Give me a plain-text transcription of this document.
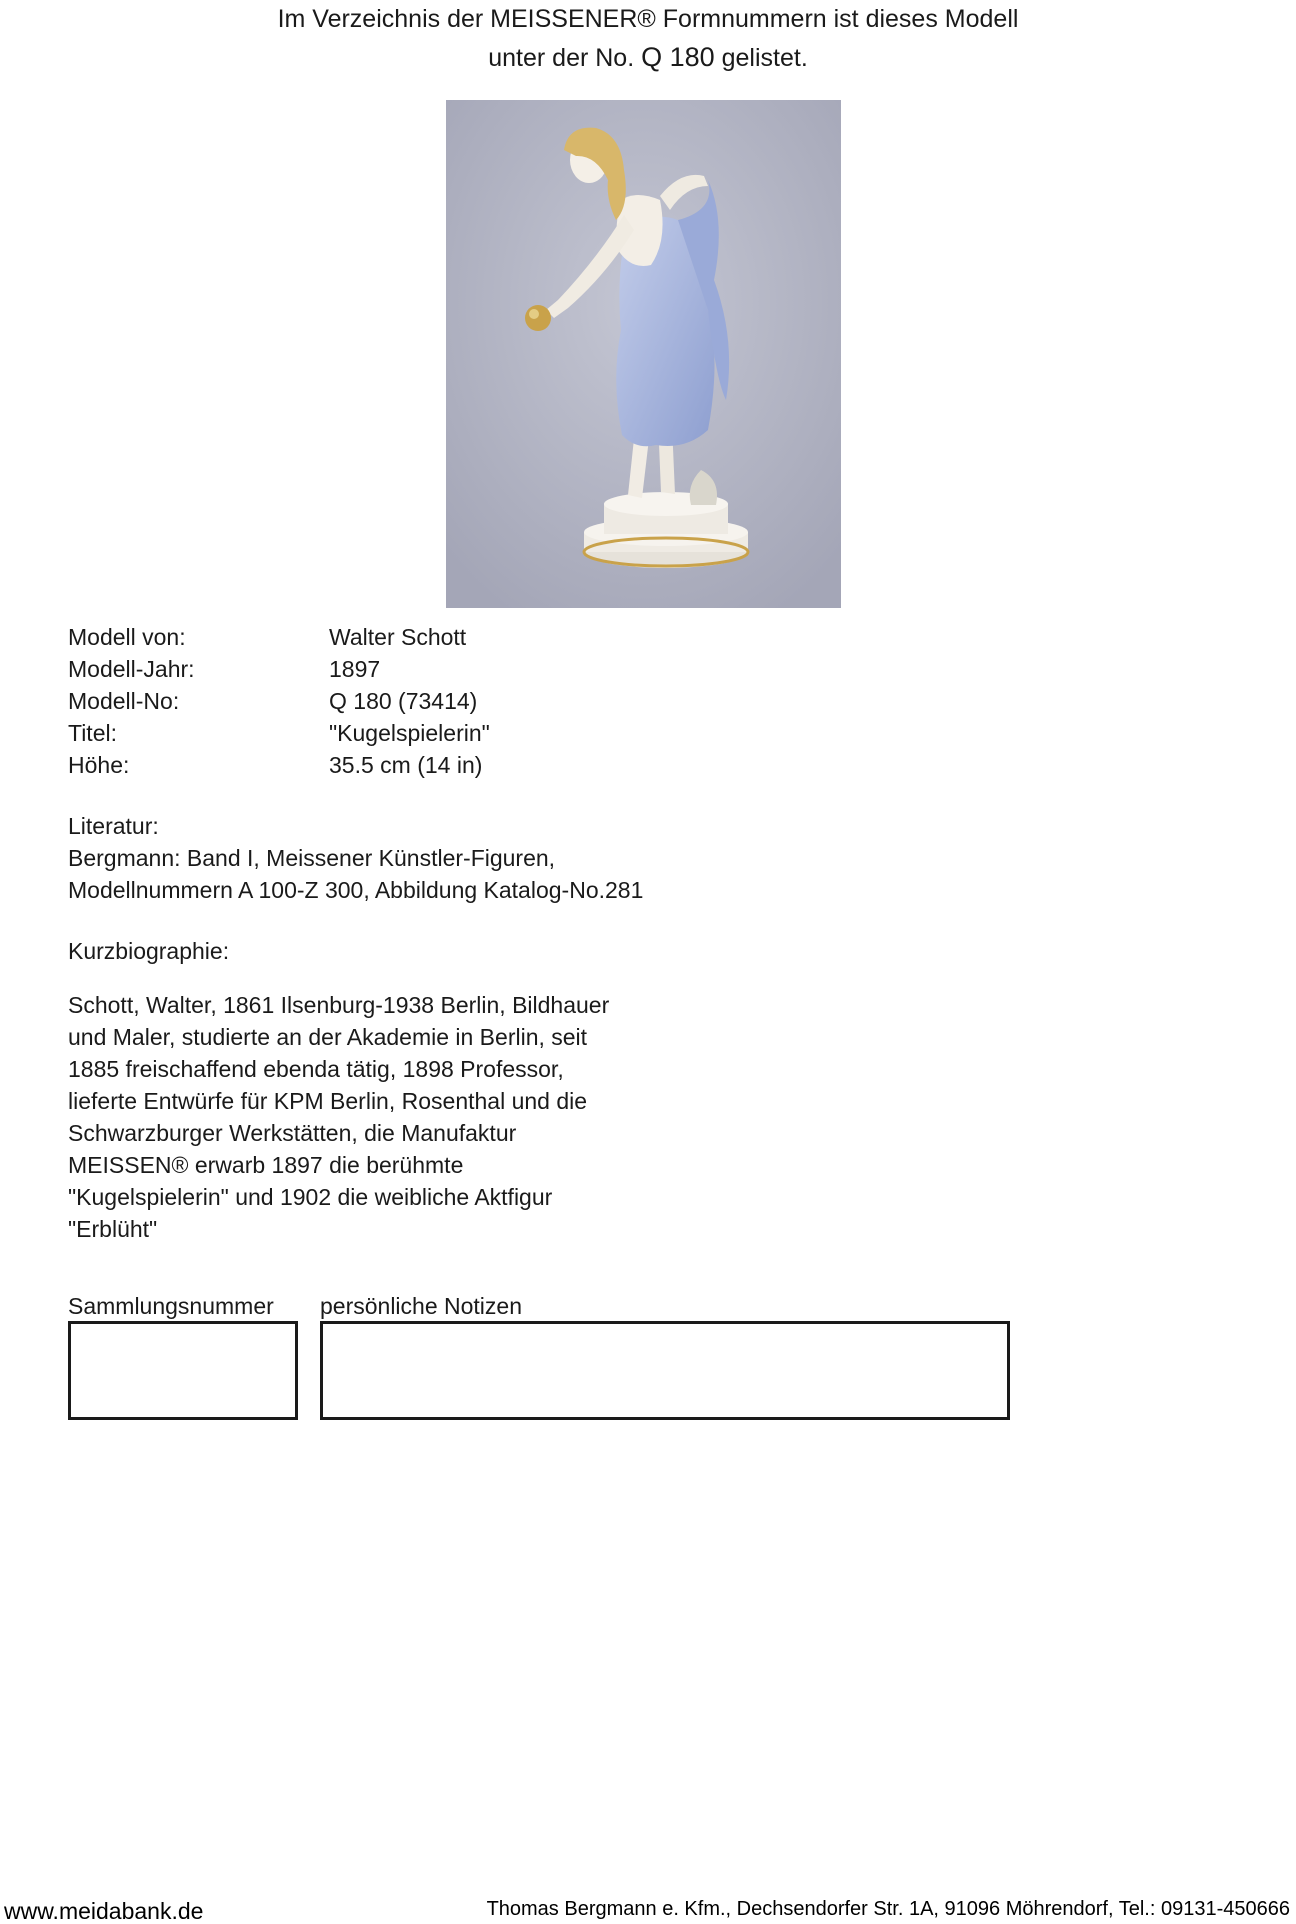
Im Verzeichnis der MEISSENER® Formnummern ist dieses Modell
unter der No. Q 180 gelistet.
Modell von:	Walter Schott
Modell-Jahr:	1897
Modell-No:	Q 180 (73414)
Titel:	"Kugelspielerin"
Höhe:	35.5 cm (14 in)
Literatur:
Bergmann: Band I, Meissener Künstler-Figuren,
Modellnummern A 100-Z 300, Abbildung Katalog-No.281
Kurzbiographie:
Schott, Walter, 1861 Ilsenburg-1938 Berlin, Bildhauer
und Maler, studierte an der Akademie in Berlin, seit
1885 freischaffend ebenda tätig, 1898 Professor,
lieferte Entwürfe für KPM Berlin, Rosenthal und die
Schwarzburger Werkstätten, die Manufaktur
MEISSEN® erwarb 1897 die berühmte
"Kugelspielerin" und 1902 die weibliche Aktfigur
"Erblüht"
Sammlungsnummer persönliche Notizen
www.meidabank.de	Thomas Bergmann e. Kfm., Dechsendorfer Str. 1A, 91096 Möhrendorf, Tel.: 09131-450666
